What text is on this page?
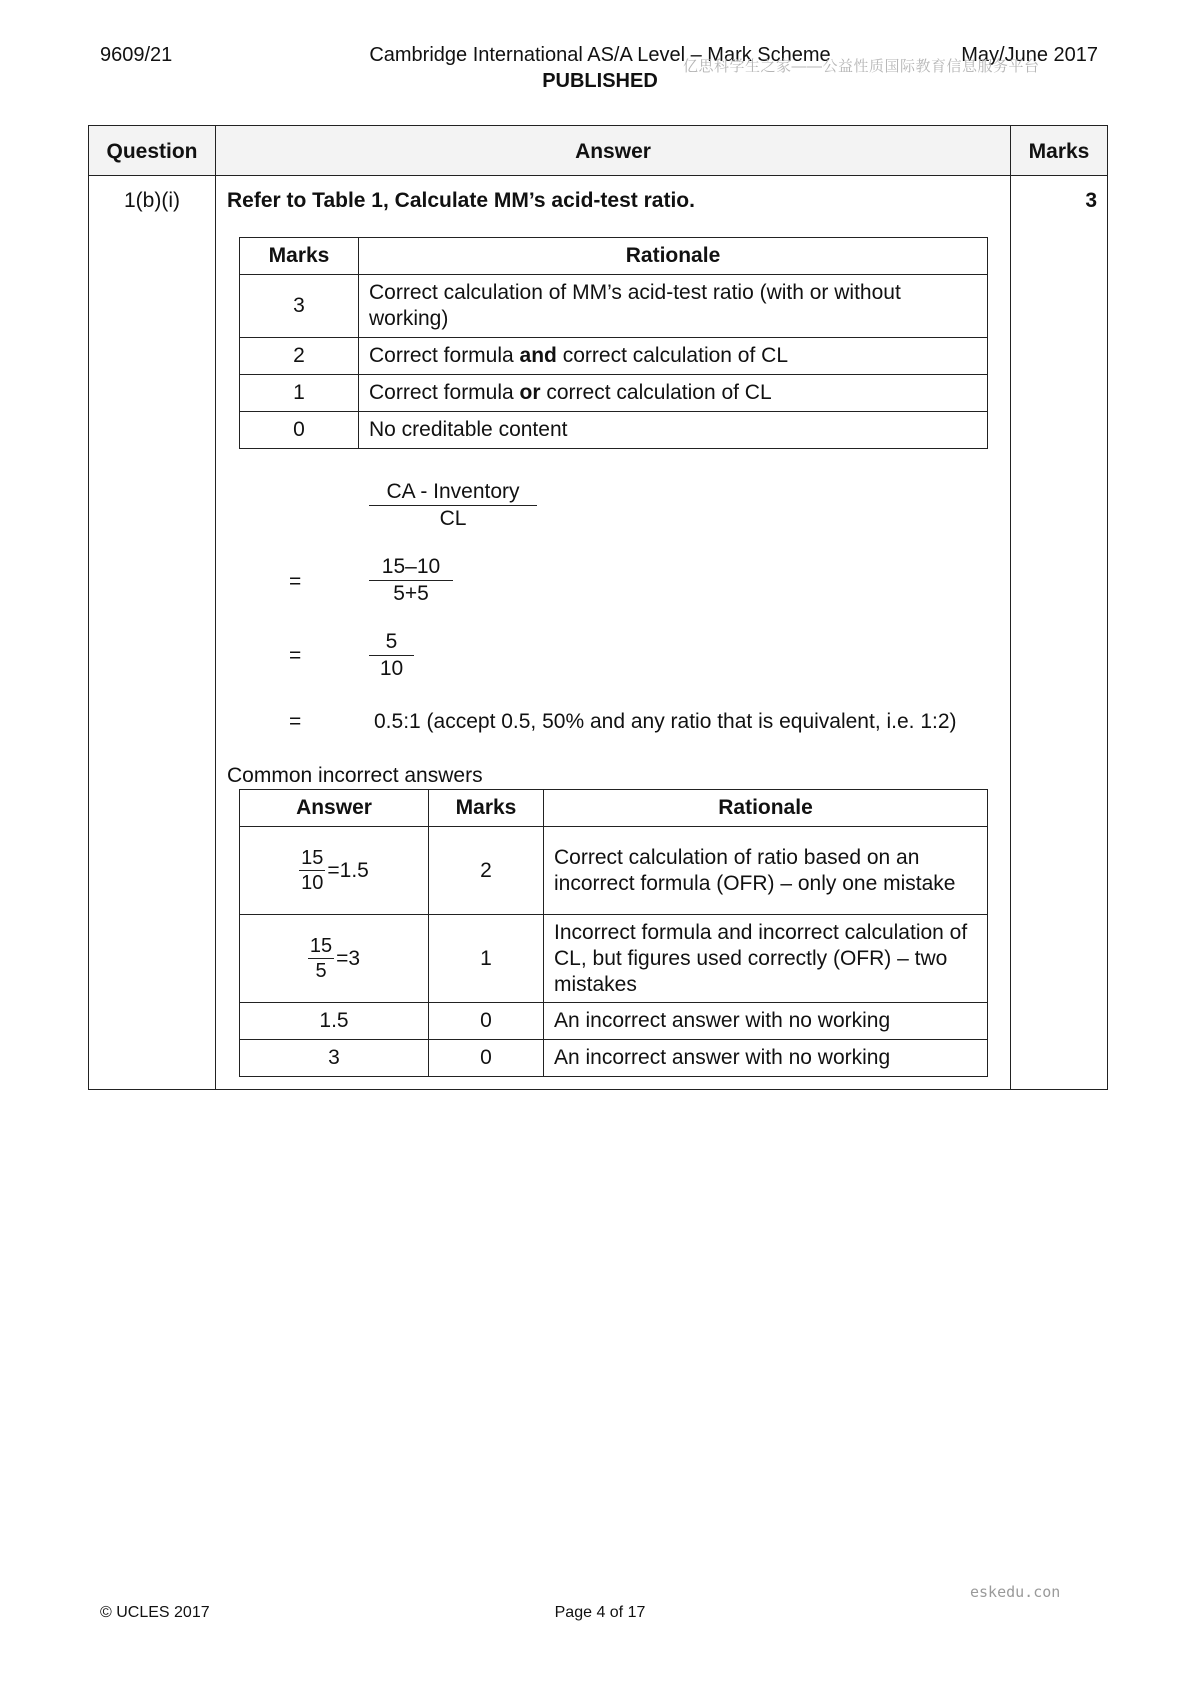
9609/21	Cambridge International AS/A Level – Mark Scheme
PUBLISHED
May/June 2017
亿思科学生之家——公益性质国际教育信息服务平台
Question	Answer	Marks
1(b)(i)	Refer to Table 1, Calculate MM’s acid-test ratio.	3
Marks	Rationale
3	Correct calculation of MM’s acid-test ratio (with or without working)
2	Correct formula and correct calculation of CL
1	Correct formula or correct calculation of CL
0	No creditable content
CA - Inventory
CL
=	$\frac{15-10}{5+5}$
=	$\frac{5}{10}$
=	0.5:1 (accept 0.5, 50% and any ratio that is equivalent, i.e. 1:2)
Common incorrect answers
Answer	Marks	Rationale

$\frac{15}{10} =1.5$	2	Correct calculation of ratio based on an incorrect formula (OFR) – only one mistake

$\frac{15}{5} =3$	1	Incorrect formula and incorrect calculation of CL, but figures used correctly (OFR) – two mistakes
1.5	0	An incorrect answer with no working
3	0	An incorrect answer with no working
eskedu.con
© UCLES 2017	Page 4 of 17
